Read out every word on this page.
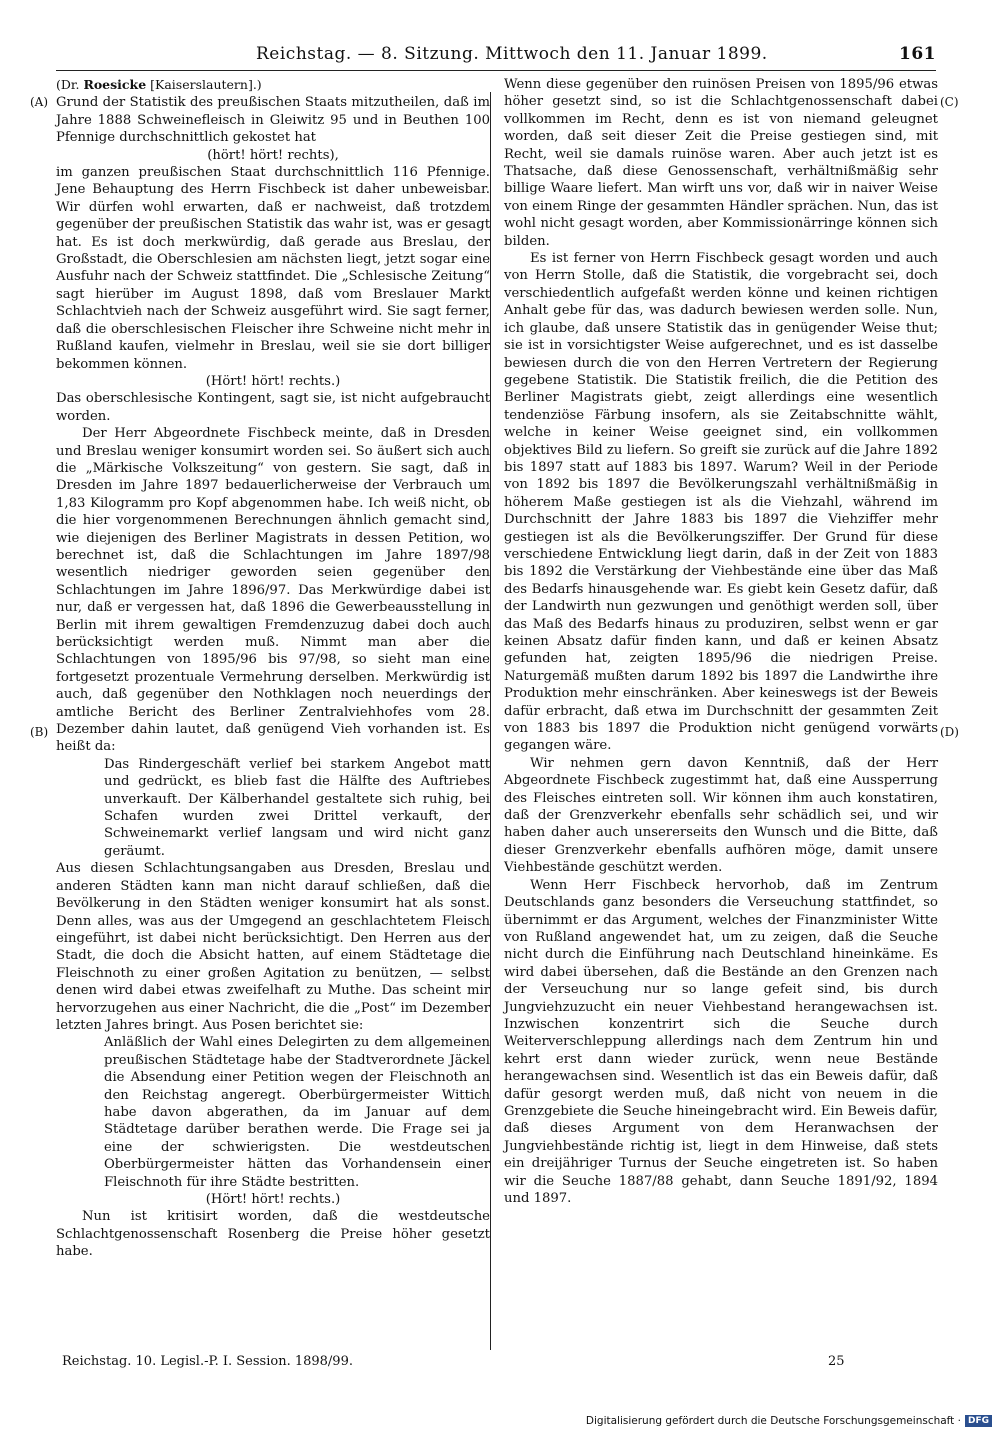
Reichstag. — 8. Sitzung. Mittwoch den 11. Januar 1899.	161
(A)
(B)
(C)
(D)

(Dr. Roesicke [Kaiserslautern].)

Grund der Statistik des preußischen Staats mitzutheilen, daß im Jahre 1888 Schweinefleisch in Gleiwitz 95 und in Beuthen 100 Pfennige durchschnittlich gekostet hat

(hört! hört! rechts),

im ganzen preußischen Staat durchschnittlich 116 Pfennige. Jene Behauptung des Herrn Fischbeck ist daher unbeweisbar. Wir dürfen wohl erwarten, daß er nachweist, daß trotzdem gegenüber der preußischen Statistik das wahr ist, was er gesagt hat. Es ist doch merkwürdig, daß gerade aus Breslau, der Großstadt, die Oberschlesien am nächsten liegt, jetzt sogar eine Ausfuhr nach der Schweiz stattfindet. Die „Schlesische Zeitung“ sagt hierüber im August 1898, daß vom Breslauer Markt Schlachtvieh nach der Schweiz ausgeführt wird. Sie sagt ferner, daß die oberschlesischen Fleischer ihre Schweine nicht mehr in Rußland kaufen, vielmehr in Breslau, weil sie sie dort billiger bekommen können.

(Hört! hört! rechts.)

Das oberschlesische Kontingent, sagt sie, ist nicht aufgebraucht worden.

Der Herr Abgeordnete Fischbeck meinte, daß in Dresden und Breslau weniger konsumirt worden sei. So äußert sich auch die „Märkische Volkszeitung“ von gestern. Sie sagt, daß in Dresden im Jahre 1897 bedauerlicherweise der Verbrauch um 1,83 Kilogramm pro Kopf abgenommen habe. Ich weiß nicht, ob die hier vorgenommenen Berechnungen ähnlich gemacht sind, wie diejenigen des Berliner Magistrats in dessen Petition, wo berechnet ist, daß die Schlachtungen im Jahre 1897/98 wesentlich niedriger geworden seien gegenüber den Schlachtungen im Jahre 1896/97. Das Merkwürdige dabei ist nur, daß er vergessen hat, daß 1896 die Gewerbeausstellung in Berlin mit ihrem gewaltigen Fremdenzuzug dabei doch auch berücksichtigt werden muß. Nimmt man aber die Schlachtungen von 1895/96 bis 97/98, so sieht man eine fortgesetzt prozentuale Vermehrung derselben. Merkwürdig ist auch, daß gegenüber den Nothklagen noch neuerdings der amtliche Bericht des Berliner Zentralviehhofes vom 28. Dezember dahin lautet, daß genügend Vieh vorhanden ist. Es heißt da:

Das Rindergeschäft verlief bei starkem Angebot matt und gedrückt, es blieb fast die Hälfte des Auftriebes unverkauft. Der Kälberhandel gestaltete sich ruhig, bei Schafen wurden zwei Drittel verkauft, der Schweinemarkt verlief langsam und wird nicht ganz geräumt.

Aus diesen Schlachtungsangaben aus Dresden, Breslau und anderen Städten kann man nicht darauf schließen, daß die Bevölkerung in den Städten weniger konsumirt hat als sonst. Denn alles, was aus der Umgegend an geschlachtetem Fleisch eingeführt, ist dabei nicht berücksichtigt. Den Herren aus der Stadt, die doch die Absicht hatten, auf einem Städtetage die Fleischnoth zu einer großen Agitation zu benützen, — selbst denen wird dabei etwas zweifelhaft zu Muthe. Das scheint mir hervorzugehen aus einer Nachricht, die die „Post“ im Dezember letzten Jahres bringt. Aus Posen berichtet sie:

Anläßlich der Wahl eines Delegirten zu dem allgemeinen preußischen Städtetage habe der Stadtverordnete Jäckel die Absendung einer Petition wegen der Fleischnoth an den Reichstag angeregt. Oberbürgermeister Wittich habe davon abgerathen, da im Januar auf dem Städtetage darüber berathen werde. Die Frage sei ja eine der schwierigsten. Die westdeutschen Oberbürgermeister hätten das Vorhandensein einer Fleischnoth für ihre Städte bestritten.

(Hört! hört! rechts.)

Nun ist kritisirt worden, daß die westdeutsche Schlachtgenossenschaft Rosenberg die Preise höher gesetzt habe.

Wenn diese gegenüber den ruinösen Preisen von 1895/96 etwas höher gesetzt sind, so ist die Schlachtgenossenschaft dabei vollkommen im Recht, denn es ist von niemand geleugnet worden, daß seit dieser Zeit die Preise gestiegen sind, mit Recht, weil sie damals ruinöse waren. Aber auch jetzt ist es Thatsache, daß diese Genossenschaft, verhältnißmäßig sehr billige Waare liefert. Man wirft uns vor, daß wir in naiver Weise von einem Ringe der gesammten Händler sprächen. Nun, das ist wohl nicht gesagt worden, aber Kommissionärringe können sich bilden.

Es ist ferner von Herrn Fischbeck gesagt worden und auch von Herrn Stolle, daß die Statistik, die vorgebracht sei, doch verschiedentlich aufgefaßt werden könne und keinen richtigen Anhalt gebe für das, was dadurch bewiesen werden solle. Nun, ich glaube, daß unsere Statistik das in genügender Weise thut; sie ist in vorsichtigster Weise aufgerechnet, und es ist dasselbe bewiesen durch die von den Herren Vertretern der Regierung gegebene Statistik. Die Statistik freilich, die die Petition des Berliner Magistrats giebt, zeigt allerdings eine wesentlich tendenziöse Färbung insofern, als sie Zeitabschnitte wählt, welche in keiner Weise geeignet sind, ein vollkommen objektives Bild zu liefern. So greift sie zurück auf die Jahre 1892 bis 1897 statt auf 1883 bis 1897. Warum? Weil in der Periode von 1892 bis 1897 die Bevölkerungszahl verhältnißmäßig in höherem Maße gestiegen ist als die Viehzahl, während im Durchschnitt der Jahre 1883 bis 1897 die Viehziffer mehr gestiegen ist als die Bevölkerungsziffer. Der Grund für diese verschiedene Entwicklung liegt darin, daß in der Zeit von 1883 bis 1892 die Verstärkung der Viehbestände eine über das Maß des Bedarfs hinausgehende war. Es giebt kein Gesetz dafür, daß der Landwirth nun gezwungen und genöthigt werden soll, über das Maß des Bedarfs hinaus zu produziren, selbst wenn er gar keinen Absatz dafür finden kann, und daß er keinen Absatz gefunden hat, zeigten 1895/96 die niedrigen Preise. Naturgemäß mußten darum 1892 bis 1897 die Landwirthe ihre Produktion mehr einschränken. Aber keineswegs ist der Beweis dafür erbracht, daß etwa im Durchschnitt der gesammten Zeit von 1883 bis 1897 die Produktion nicht genügend vorwärts gegangen wäre.

Wir nehmen gern davon Kenntniß, daß der Herr Abgeordnete Fischbeck zugestimmt hat, daß eine Aussperrung des Fleisches eintreten soll. Wir können ihm auch konstatiren, daß der Grenzverkehr ebenfalls sehr schädlich sei, und wir haben daher auch unsererseits den Wunsch und die Bitte, daß dieser Grenzverkehr ebenfalls aufhören möge, damit unsere Viehbestände geschützt werden.

Wenn Herr Fischbeck hervorhob, daß im Zentrum Deutschlands ganz besonders die Verseuchung stattfindet, so übernimmt er das Argument, welches der Finanzminister Witte von Rußland angewendet hat, um zu zeigen, daß die Seuche nicht durch die Einführung nach Deutschland hineinkäme. Es wird dabei übersehen, daß die Bestände an den Grenzen nach der Verseuchung nur so lange gefeit sind, bis durch Jungviehzuzucht ein neuer Viehbestand herangewachsen ist. Inzwischen konzentrirt sich die Seuche durch Weiterverschleppung allerdings nach dem Zentrum hin und kehrt erst dann wieder zurück, wenn neue Bestände herangewachsen sind. Wesentlich ist das ein Beweis dafür, daß dafür gesorgt werden muß, daß nicht von neuem in die Grenzgebiete die Seuche hineingebracht wird. Ein Beweis dafür, daß dieses Argument von dem Heranwachsen der Jungviehbestände richtig ist, liegt in dem Hinweise, daß stets ein dreijähriger Turnus der Seuche eingetreten ist. So haben wir die Seuche 1887/88 gehabt, dann Seuche 1891/92, 1894 und 1897.

Reichstag. 10. Legisl.-P. I. Session. 1898/99.	25
Digitalisierung gefördert durch die Deutsche Forschungsgemeinschaft · DFG
